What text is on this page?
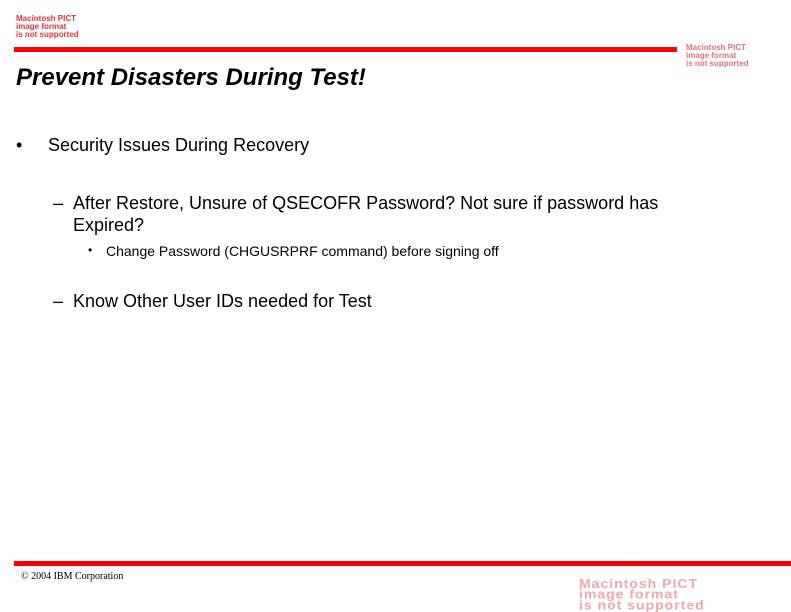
Macintosh PICT
image format
is not supported
Macintosh PICT
image format
is not supported
Prevent Disasters During Test!
• Security Issues During Recovery
– After Restore, Unsure of QSECOFR Password? Not sure if password has Expired?
• Change Password (CHGUSRPRF command) before signing off
– Know Other User IDs needed for Test
© 2004 IBM Corporation	Macintosh PICT
image format
is not supported
